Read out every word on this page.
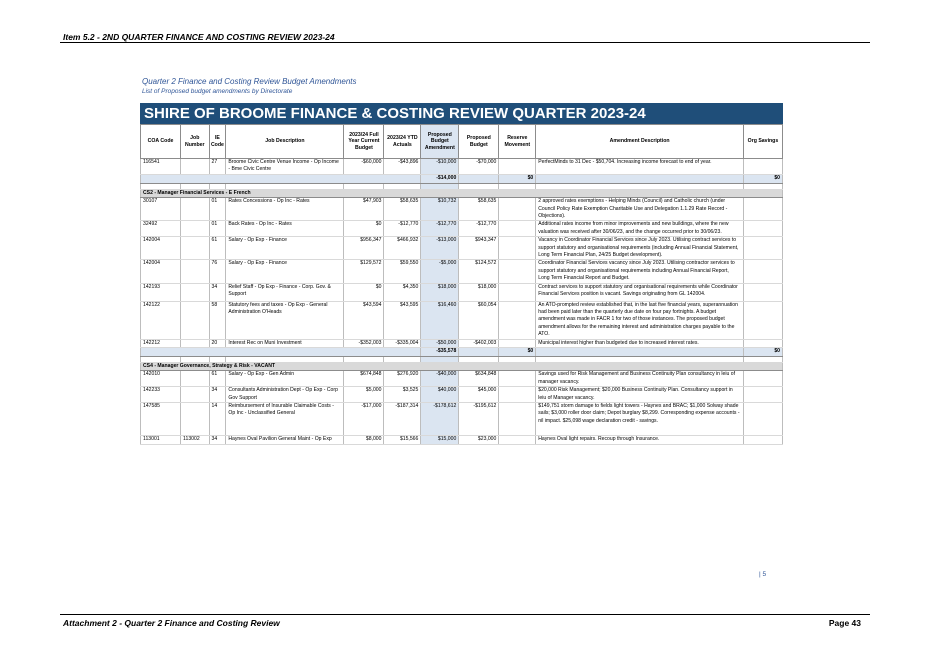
Item 5.2 - 2ND QUARTER FINANCE AND COSTING REVIEW 2023-24
Quarter 2 Finance and Costing Review Budget Amendments
List of Proposed budget amendments by Directorate
SHIRE OF BROOME FINANCE & COSTING REVIEW QUARTER 2023-24
COA Code	Job Number	IE Code	Job Description	2023/24 Full Year Current Budget	2023/24 YTD Actuals	Proposed Budget Amendment	Proposed Budget	Reserve Movement	Amendment Description	Org Savings
116541		27	Broome Civic Centre Venue Income - Op Income - Bme Civic Centre	-$60,000	-$43,896	-$10,000	-$70,000		PerfectMinds to 31 Dec - $50,704. Increasing income forecast to end of year.	
						-$14,000		$0		$0

CS2 - Manager Financial Services - E French										
30107		01	Rates Concessions - Op Inc - Rates	$47,903	$58,635	$10,732	$58,635		2 approved rates exemptions - Helping Minds (Council) and Catholic church (under Council Policy Rate Exemption Charitable Use and Delegation 1.1.29 Rate Record - Objections).	
32492		01	Back Rates - Op Inc - Rates	$0	-$12,770	-$12,770	-$12,770		Additional rates income from minor improvements and new buildings, where the new valuation was received after 30/06/23, and the change occurred prior to 30/06/23.	
142004		61	Salary - Op Exp - Finance	$956,347	$466,932	-$13,000	$943,347		Vacancy in Coordinator Financial Services since July 2023. Utilising contract services to support statutory and organisational requirements (including Annual Financial Statement, Long Term Financial Plan, 24/25 Budget development).	
142004		76	Salary - Op Exp - Finance	$129,572	$59,550	-$5,000	$124,572		Coordinator Financial Services vacancy since July 2023. Utilising contractor services to support statutory and organisational requirements including Annual Financial Report, Long Term Financial Report and Budget.	
142193		34	Relief Staff - Op Exp - Finance - Corp. Gov. & Support	$0	$4,350	$18,000	$18,000		Contract services to support statutory and organisational requirements while Coordinator Financial Services position is vacant. Savings originating from GL 142004.	
142122		58	Statutory fees and taxes - Op Exp - General Administration O'Heads	$43,594	$43,595	$16,460	$60,054		An ATO-prompted review established that, in the last five financial years, superannuation had been paid later than the quarterly due date on four pay fortnights. A budget amendment was made in FACR 1 for two of those instances. The proposed budget amendment allows for the remaining interest and administration charges payable to the ATO.	
142212		20	Interest Rec on Muni Investment	-$352,003	-$335,004	-$50,000	-$402,003		Municipal interest higher than budgeted due to increased interest rates.	
						-$35,578		$0		$0

CS4 - Manager Governance, Strategy & Risk - VACANT										
142010		61	Salary - Op Exp - Gen Admin	$674,848	$276,920	-$40,000	$634,848		Savings used for Risk Management and Business Continuity Plan consultancy in leiu of manager vacancy.	
142233		34	Consultants Administration Dept - Op Exp - Corp Gov Support	$5,000	$3,525	$40,000	$45,000		$20,000 Risk Management; $20,000 Business Continuity Plan. Consultancy support in leiu of Manager vacancy.	
147585		14	Reimbursement of Insurable Claimable Costs - Op Inc - Unclassified General	-$17,000	-$187,314	-$178,612	-$195,612		$149,751 storm damage to fields light towers - Haynes and BRAC; $1,000 Solway shade sails; $3,000 roller door claim; Depot burglary $8,299. Corresponding expense accounts - nil impact. $25,098 wage declaration credit - savings.	
113001	113002	34	Haynes Oval Pavilion General Maint - Op Exp	$8,000	$15,566	$15,000	$23,000		Haynes Oval light repairs. Recoup through Insurance.	
| 5
Attachment 2 - Quarter 2 Finance and Costing Review	Page 43
